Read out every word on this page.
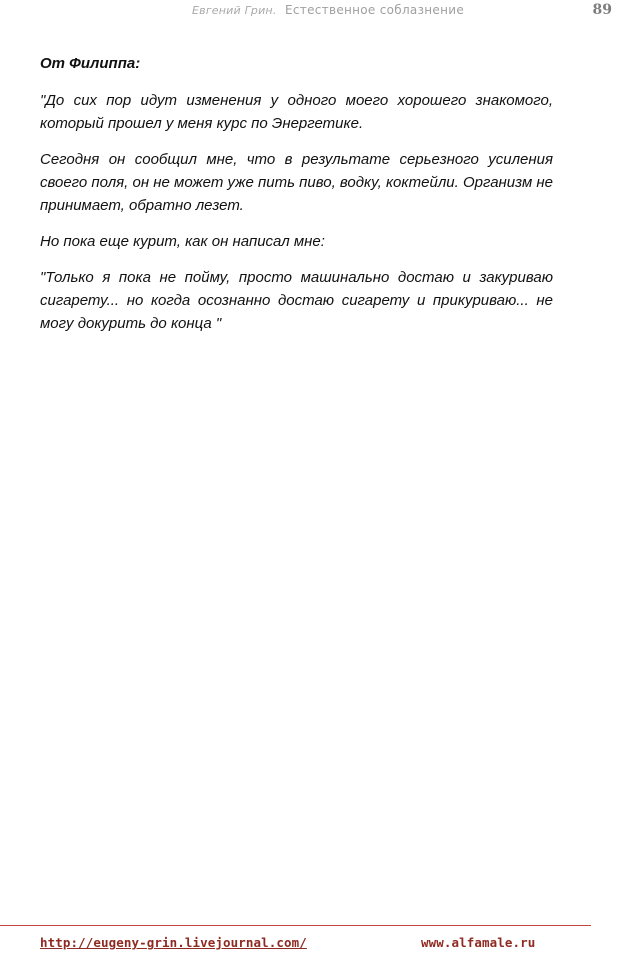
Евгений Грин. Естественное соблазнение	89

От Филиппа:

"До сих пор идут изменения у одного моего хорошего знакомого, который прошел у меня курс по Энергетике.

Сегодня он сообщил мне, что в результате серьезного усиления своего поля, он не может уже пить пиво, водку, коктейли. Организм не принимает, обратно лезет.

Но пока еще курит, как он написал мне:

"Только я пока не пойму, просто машинально достаю и закуриваю сигарету... но когда осознанно достаю сигарету и прикуриваю... не могу докурить до конца "

http://eugeny-grin.livejournal.com/	www.alfamale.ru
